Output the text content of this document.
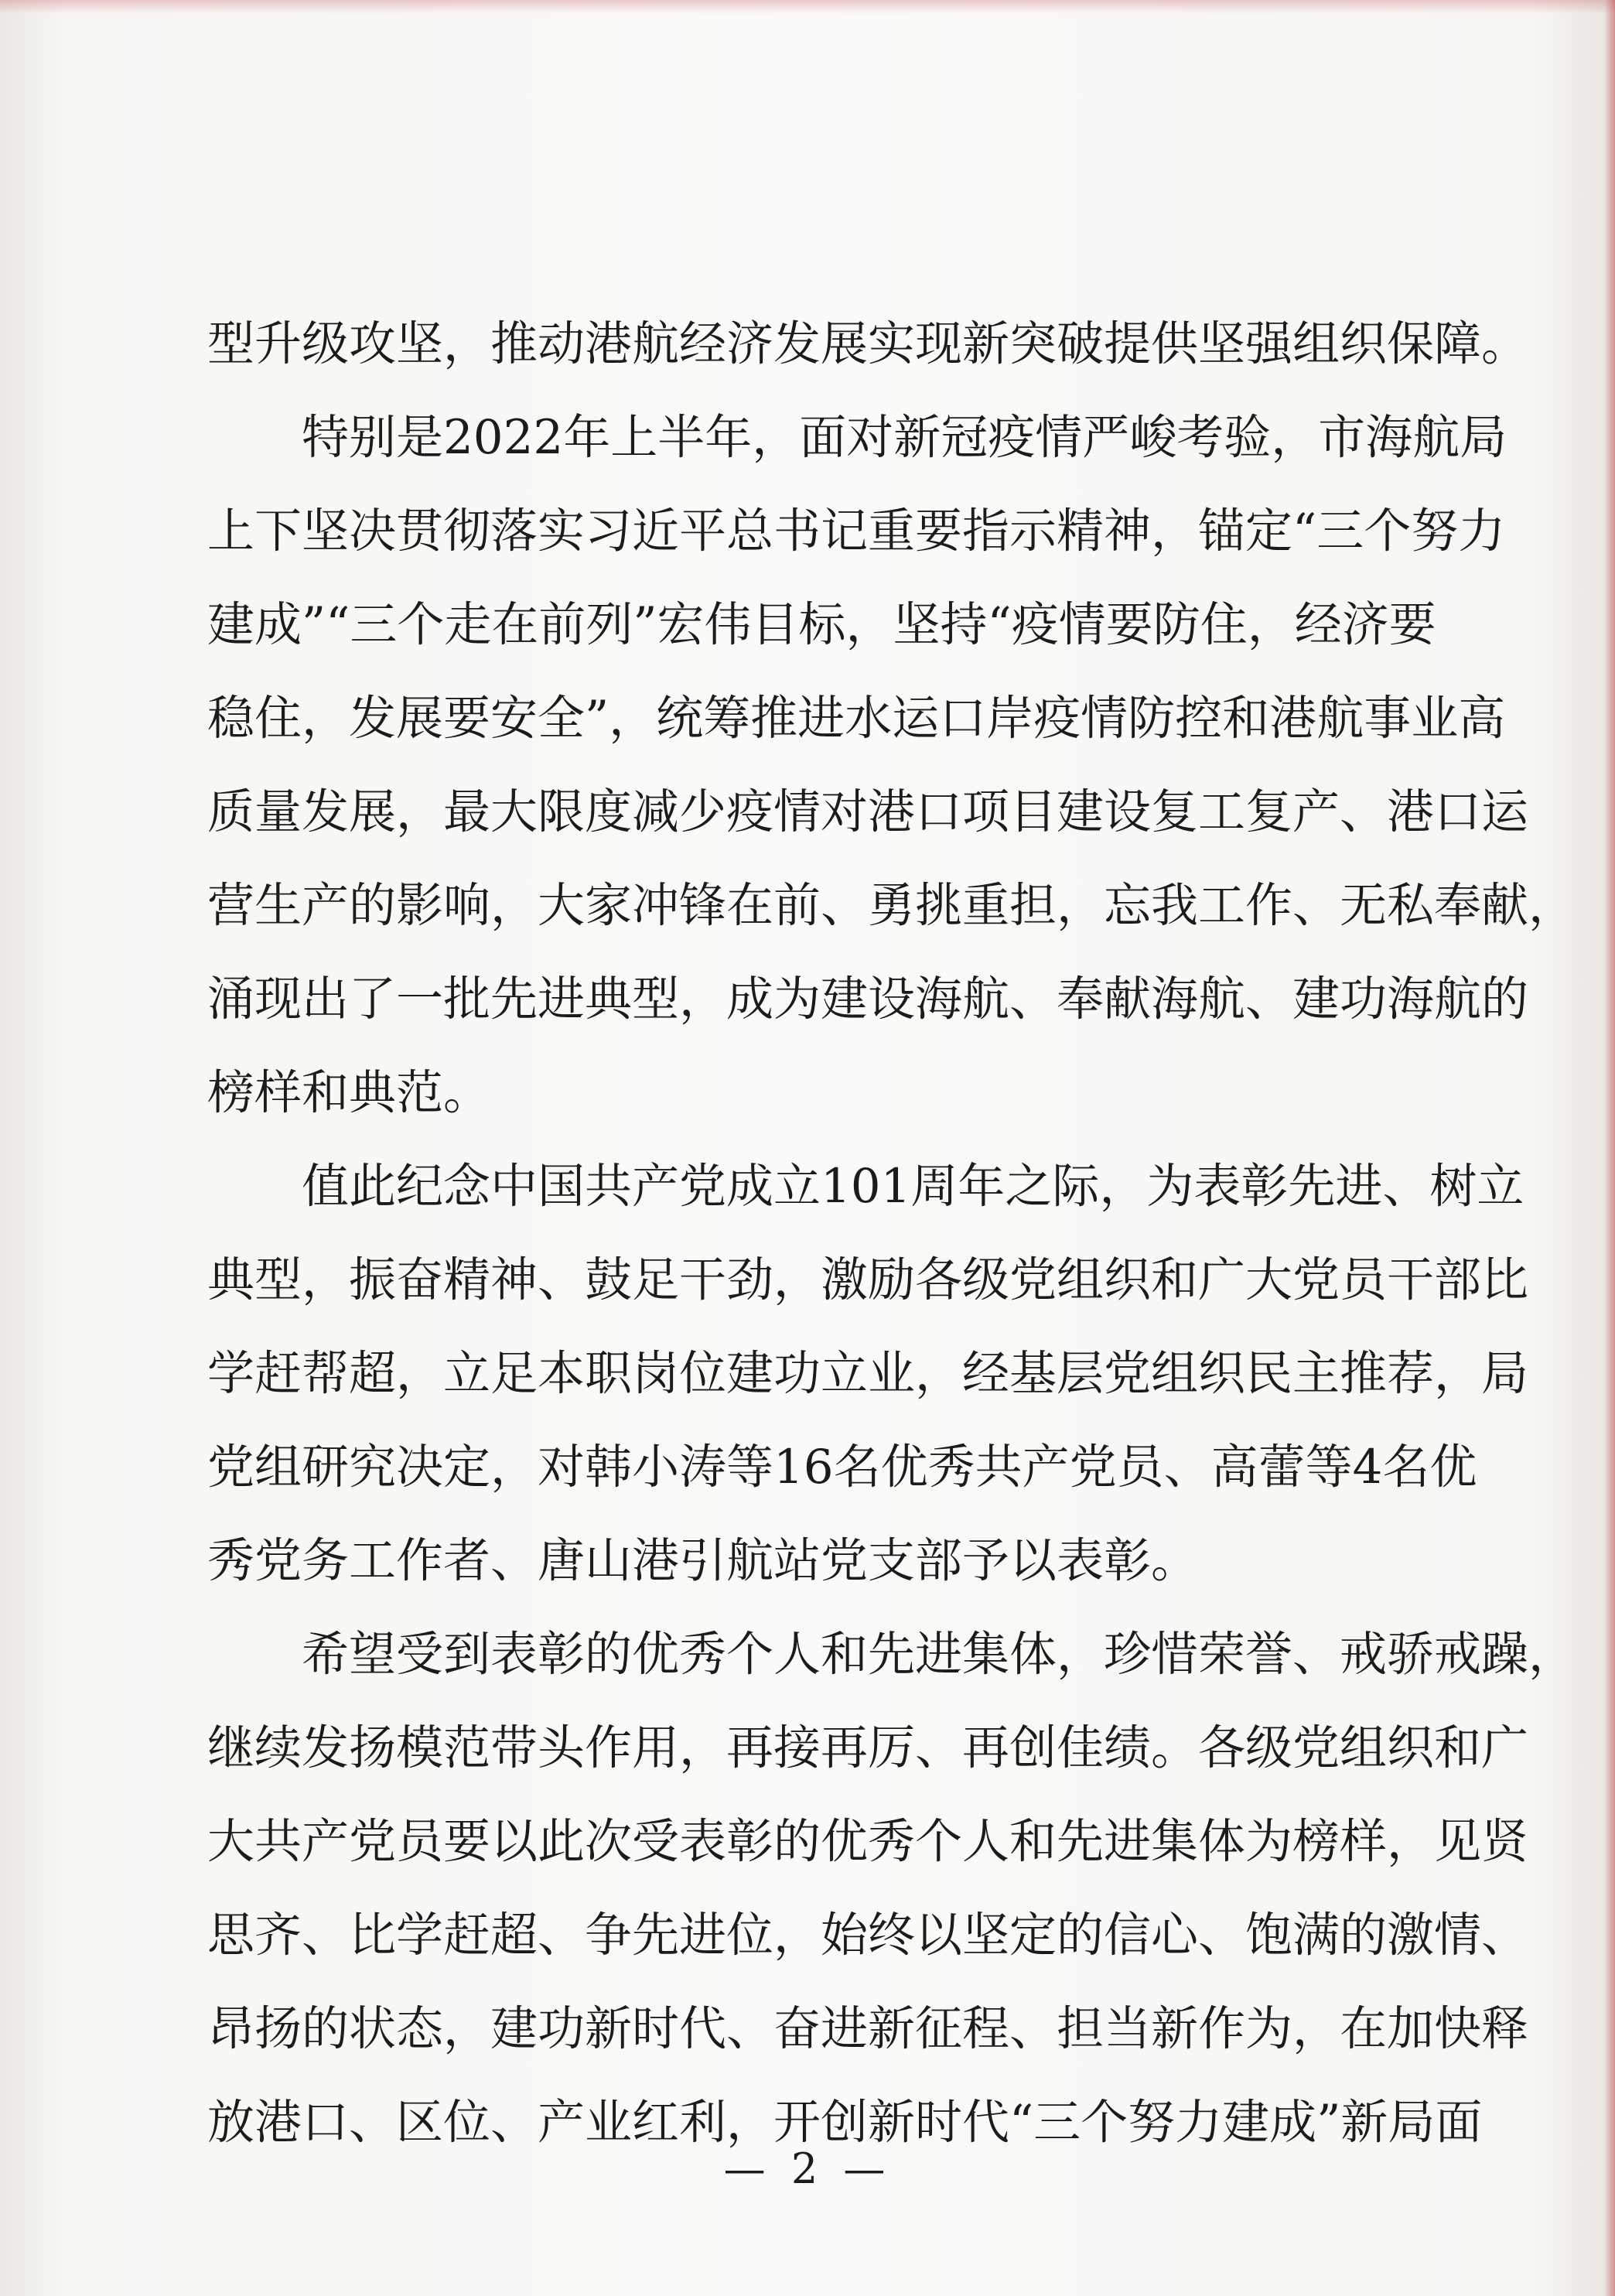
型升级攻坚，推动港航经济发展实现新突破提供坚强组织保障。
特别是2022年上半年，面对新冠疫情严峻考验，市海航局
上下坚决贯彻落实习近平总书记重要指示精神，锚定“三个努力
建成”“三个走在前列”宏伟目标，坚持“疫情要防住，经济要
稳住，发展要安全”，统筹推进水运口岸疫情防控和港航事业高
质量发展，最大限度减少疫情对港口项目建设复工复产、港口运
营生产的影响，大家冲锋在前、勇挑重担，忘我工作、无私奉献，
涌现出了一批先进典型，成为建设海航、奉献海航、建功海航的
榜样和典范。
值此纪念中国共产党成立101周年之际，为表彰先进、树立
典型，振奋精神、鼓足干劲，激励各级党组织和广大党员干部比
学赶帮超，立足本职岗位建功立业，经基层党组织民主推荐，局
党组研究决定，对韩小涛等16名优秀共产党员、高蕾等4名优
秀党务工作者、唐山港引航站党支部予以表彰。
希望受到表彰的优秀个人和先进集体，珍惜荣誉、戒骄戒躁，
继续发扬模范带头作用，再接再厉、再创佳绩。各级党组织和广
大共产党员要以此次受表彰的优秀个人和先进集体为榜样，见贤
思齐、比学赶超、争先进位，始终以坚定的信心、饱满的激情、
昂扬的状态，建功新时代、奋进新征程、担当新作为，在加快释
放港口、区位、产业红利，开创新时代“三个努力建成”新局面
— 2 —
